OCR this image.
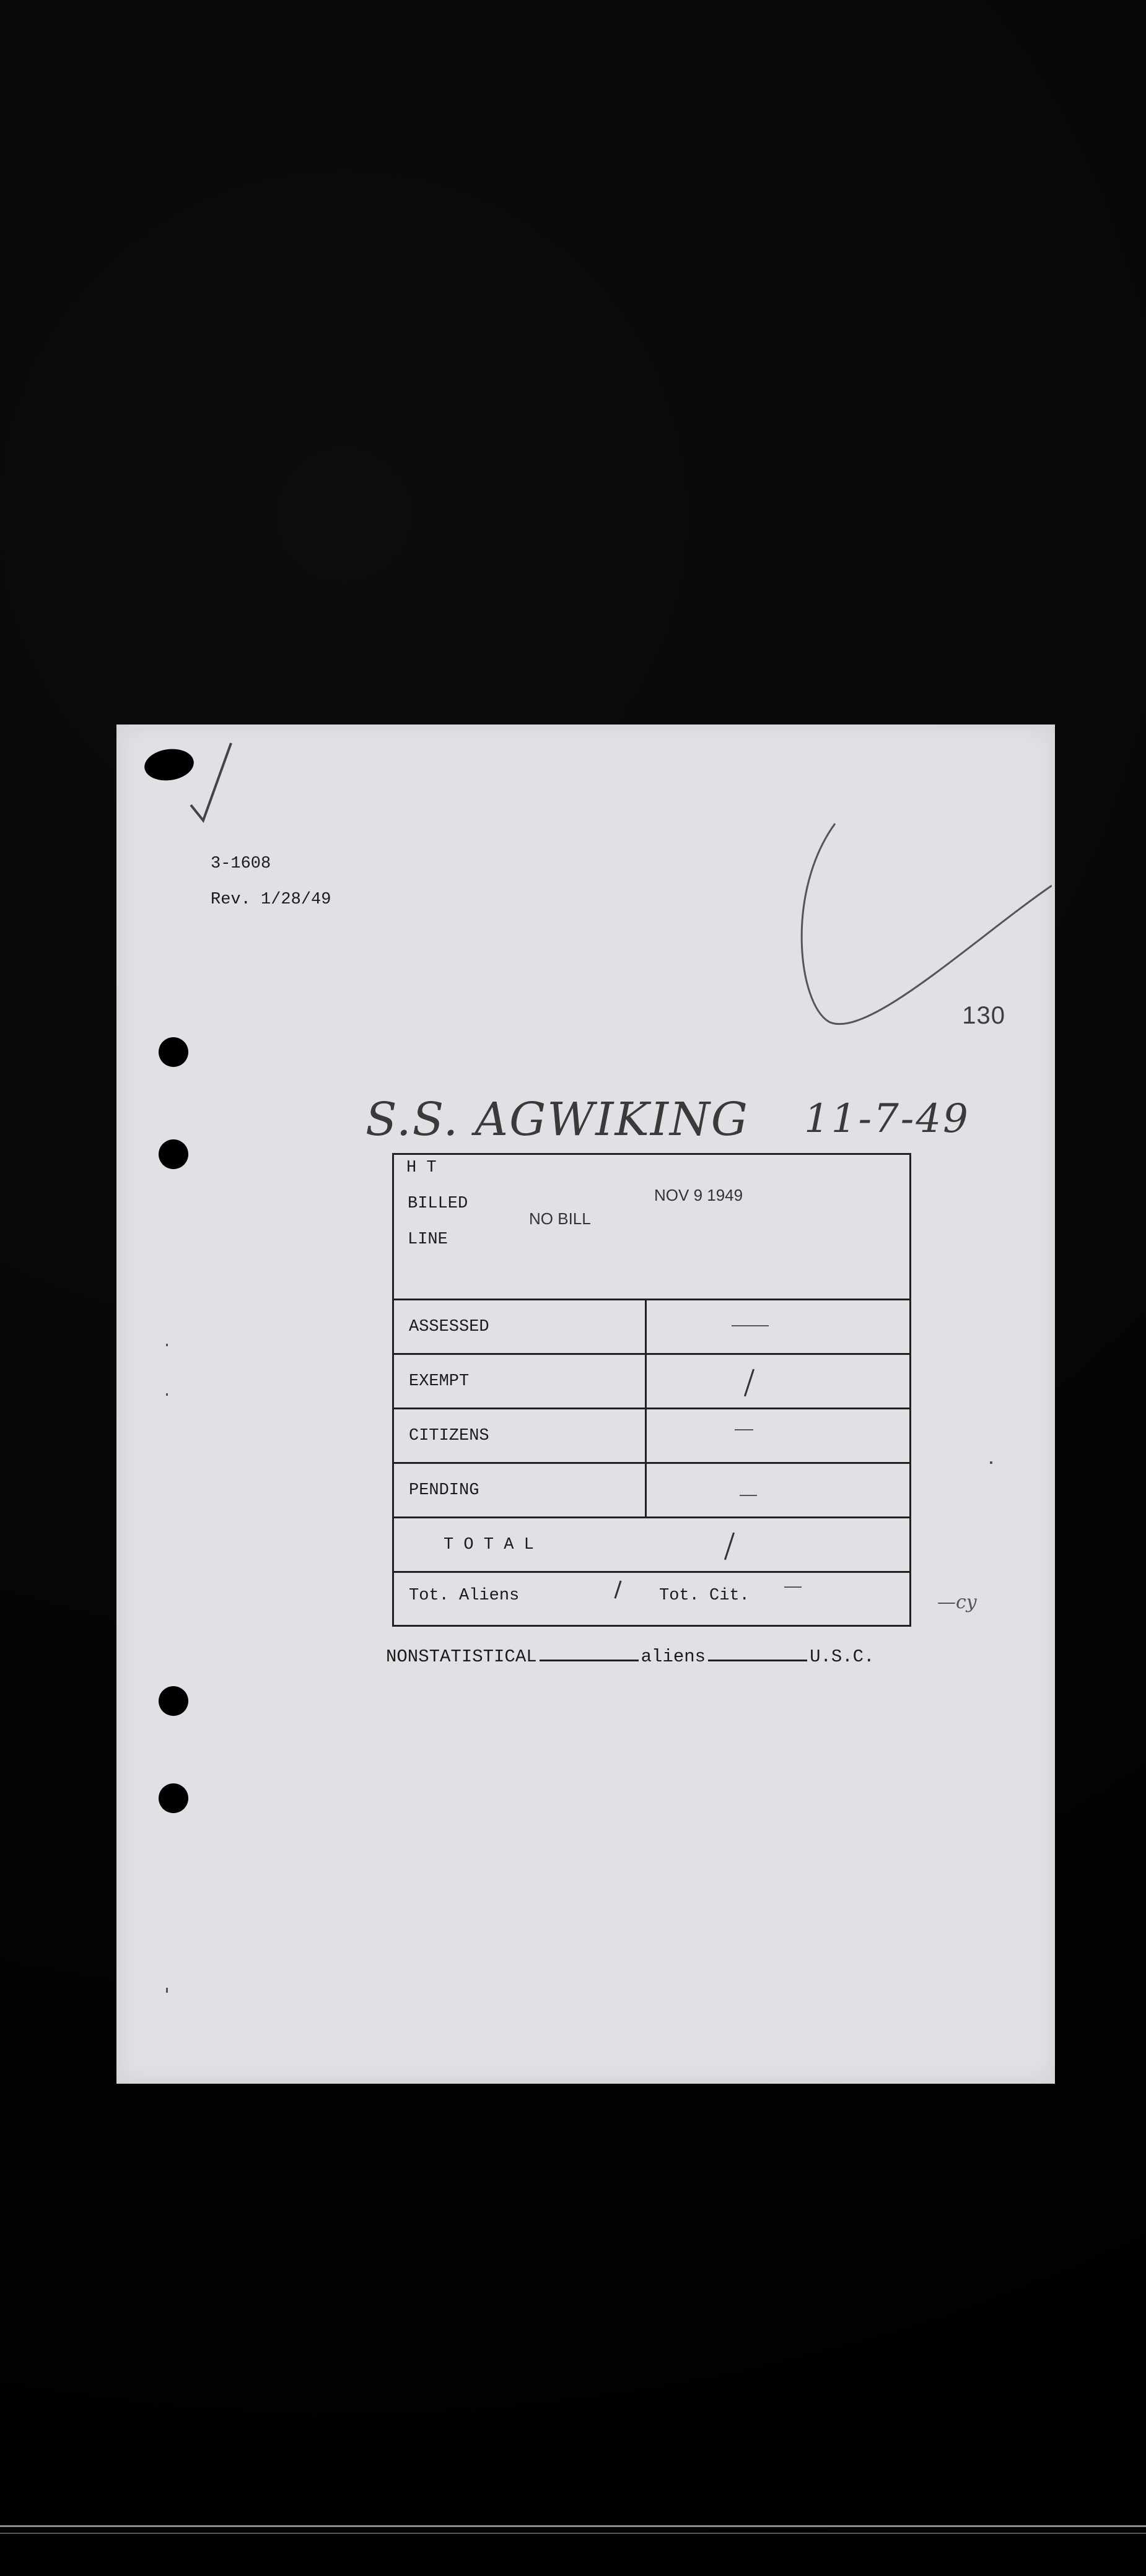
3-1608
Rev. 1/28/49
130
S.S. AGWIKING 11-7-49
H T
BILLED
LINE
NO BILL
NOV 9 1949
ASSESSED
EXEMPT
CITIZENS
PENDING
T O T A L
Tot. Aliens	Tot. Cit.
NONSTATISTICAL	aliens	U.S.C.
—cy
